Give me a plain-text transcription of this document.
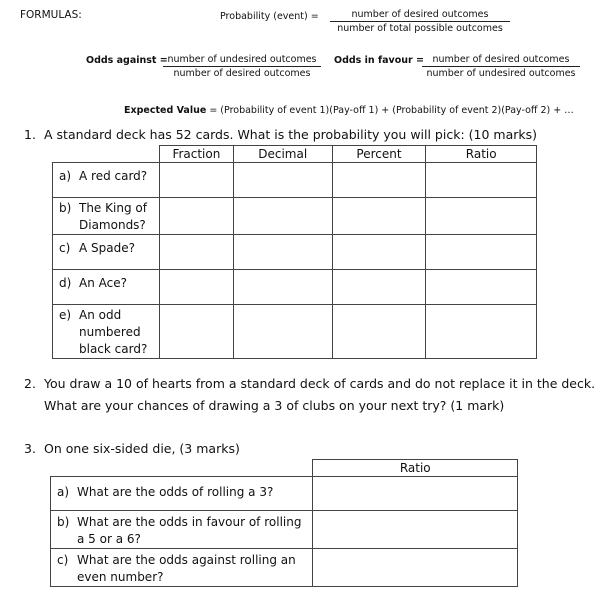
FORMULAS:	Probability (event) =	number of desired outcomes
number of total possible outcomes
Odds against = number of undesired outcomes
number of desired outcomes
Odds in favour = number of desired outcomes
number of undesired outcomes
Expected Value = (Probability of event 1)(Pay-off 1) + (Probability of event 2)(Pay-off 2) + …
1. A standard deck has 52 cards. What is the probability you will pick: (10 marks)
	Fraction	Decimal	Percent	Ratio
a) A red card?				

b) The King of Diamonds?				

c) A Spade?				
d) An Ace?				

e) An odd numbered black card?				

2. You draw a 10 of hearts from a standard deck of cards and do not replace it in the deck.
What are your chances of drawing a 3 of clubs on your next try? (1 mark)
3. On one six-sided die, (3 marks)
	Ratio
a) What are the odds of rolling a 3?	

b) What are the odds in favour of rolling a 5 or a 6?	

c) What are the odds against rolling an even number?	
